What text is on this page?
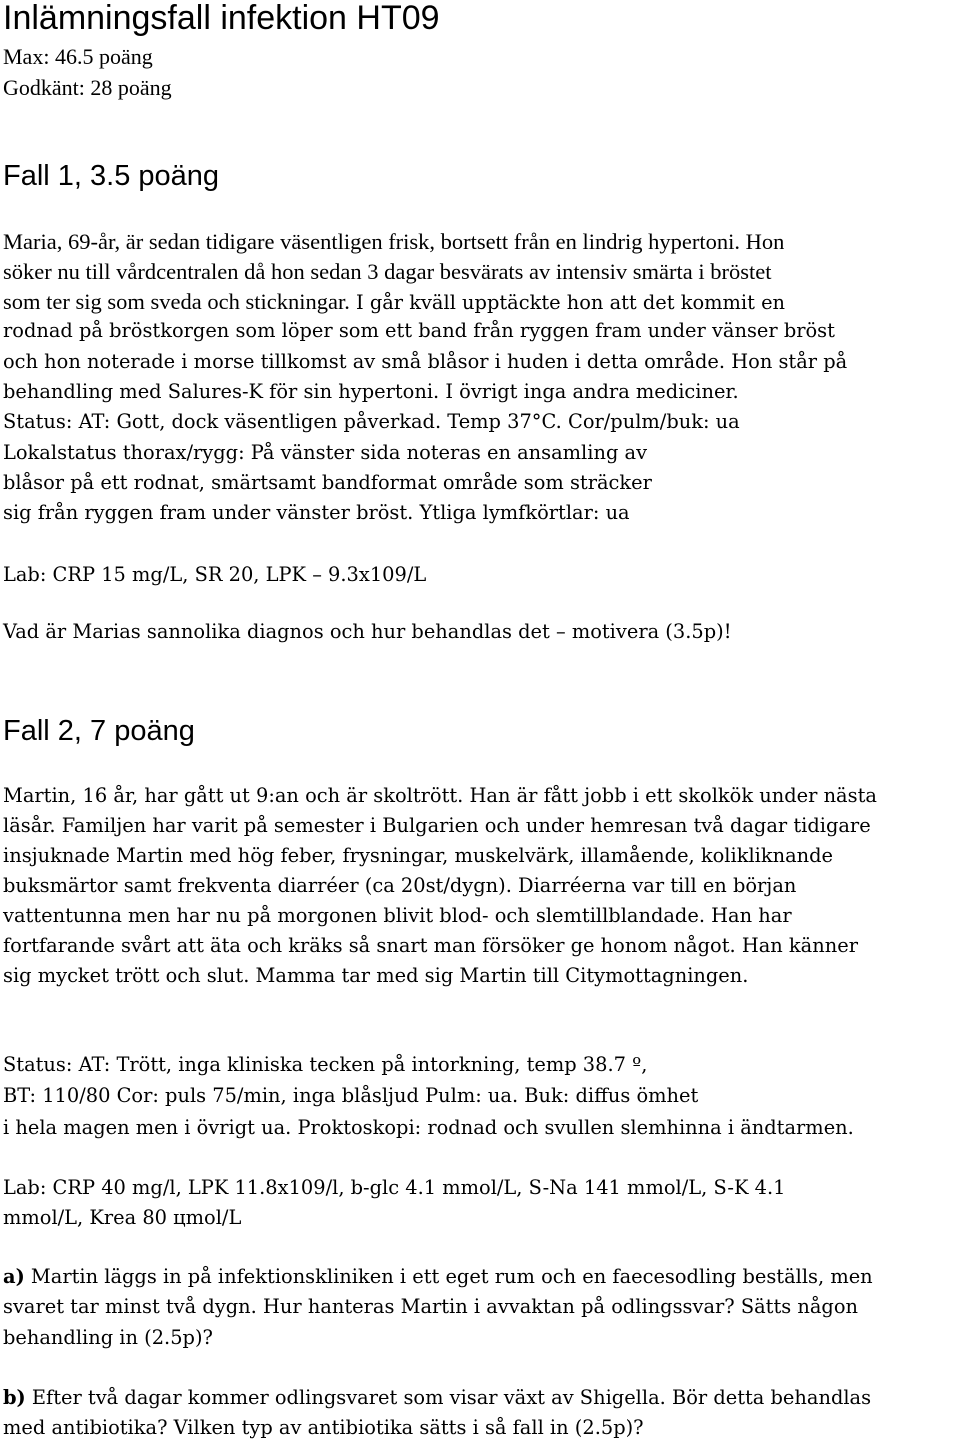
Inlämningsfall infektion HT09
Max: 46.5 poäng
Godkänt: 28 poäng
Fall 1, 3.5 poäng
Maria, 69-år, är sedan tidigare väsentligen frisk, bortsett från en lindrig hypertoni. Hon
söker nu till vårdcentralen då hon sedan 3 dagar besvärats av intensiv smärta i bröstet
som ter sig som sveda och stickningar. I går kväll upptäckte hon att det kommit en
rodnad på bröstkorgen som löper som ett band från ryggen fram under vänser bröst
och hon noterade i morse tillkomst av små blåsor i huden i detta område. Hon står på
behandling med Salures-K för sin hypertoni. I övrigt inga andra mediciner.
Status: AT: Gott, dock väsentligen påverkad. Temp 37°C. Cor/pulm/buk: ua
Lokalstatus thorax/rygg: På vänster sida noteras en ansamling av
blåsor på ett rodnat, smärtsamt bandformat område som sträcker
sig från ryggen fram under vänster bröst. Ytliga lymfkörtlar: ua
Lab: CRP 15 mg/L, SR 20, LPK – 9.3x109/L
Vad är Marias sannolika diagnos och hur behandlas det – motivera (3.5p)!
Fall 2, 7 poäng
Martin, 16 år, har gått ut 9:an och är skoltrött. Han är fått jobb i ett skolkök under nästa
läsår. Familjen har varit på semester i Bulgarien och under hemresan två dagar tidigare
insjuknade Martin med hög feber, frysningar, muskelvärk, illamående, kolikliknande
buksmärtor samt frekventa diarréer (ca 20st/dygn). Diarréerna var till en början
vattentunna men har nu på morgonen blivit blod- och slemtillblandade. Han har
fortfarande svårt att äta och kräks så snart man försöker ge honom något. Han känner
sig mycket trött och slut. Mamma tar med sig Martin till Citymottagningen.
Status: AT: Trött, inga kliniska tecken på intorkning, temp 38.7 º,
BT: 110/80 Cor: puls 75/min, inga blåsljud Pulm: ua. Buk: diffus ömhet
i hela magen men i övrigt ua. Proktoskopi: rodnad och svullen slemhinna i ändtarmen.
Lab: CRP 40 mg/l, LPK 11.8x109/l, b-glc 4.1 mmol/L, S-Na 141 mmol/L, S-K 4.1
mmol/L, Krea 80 цmol/L
a) Martin läggs in på infektionskliniken i ett eget rum och en faecesodling beställs, men
svaret tar minst två dygn. Hur hanteras Martin i avvaktan på odlingssvar? Sätts någon
behandling in (2.5p)?
b) Efter två dagar kommer odlingsvaret som visar växt av Shigella. Bör detta behandlas
med antibiotika? Vilken typ av antibiotika sätts i så fall in (2.5p)?
